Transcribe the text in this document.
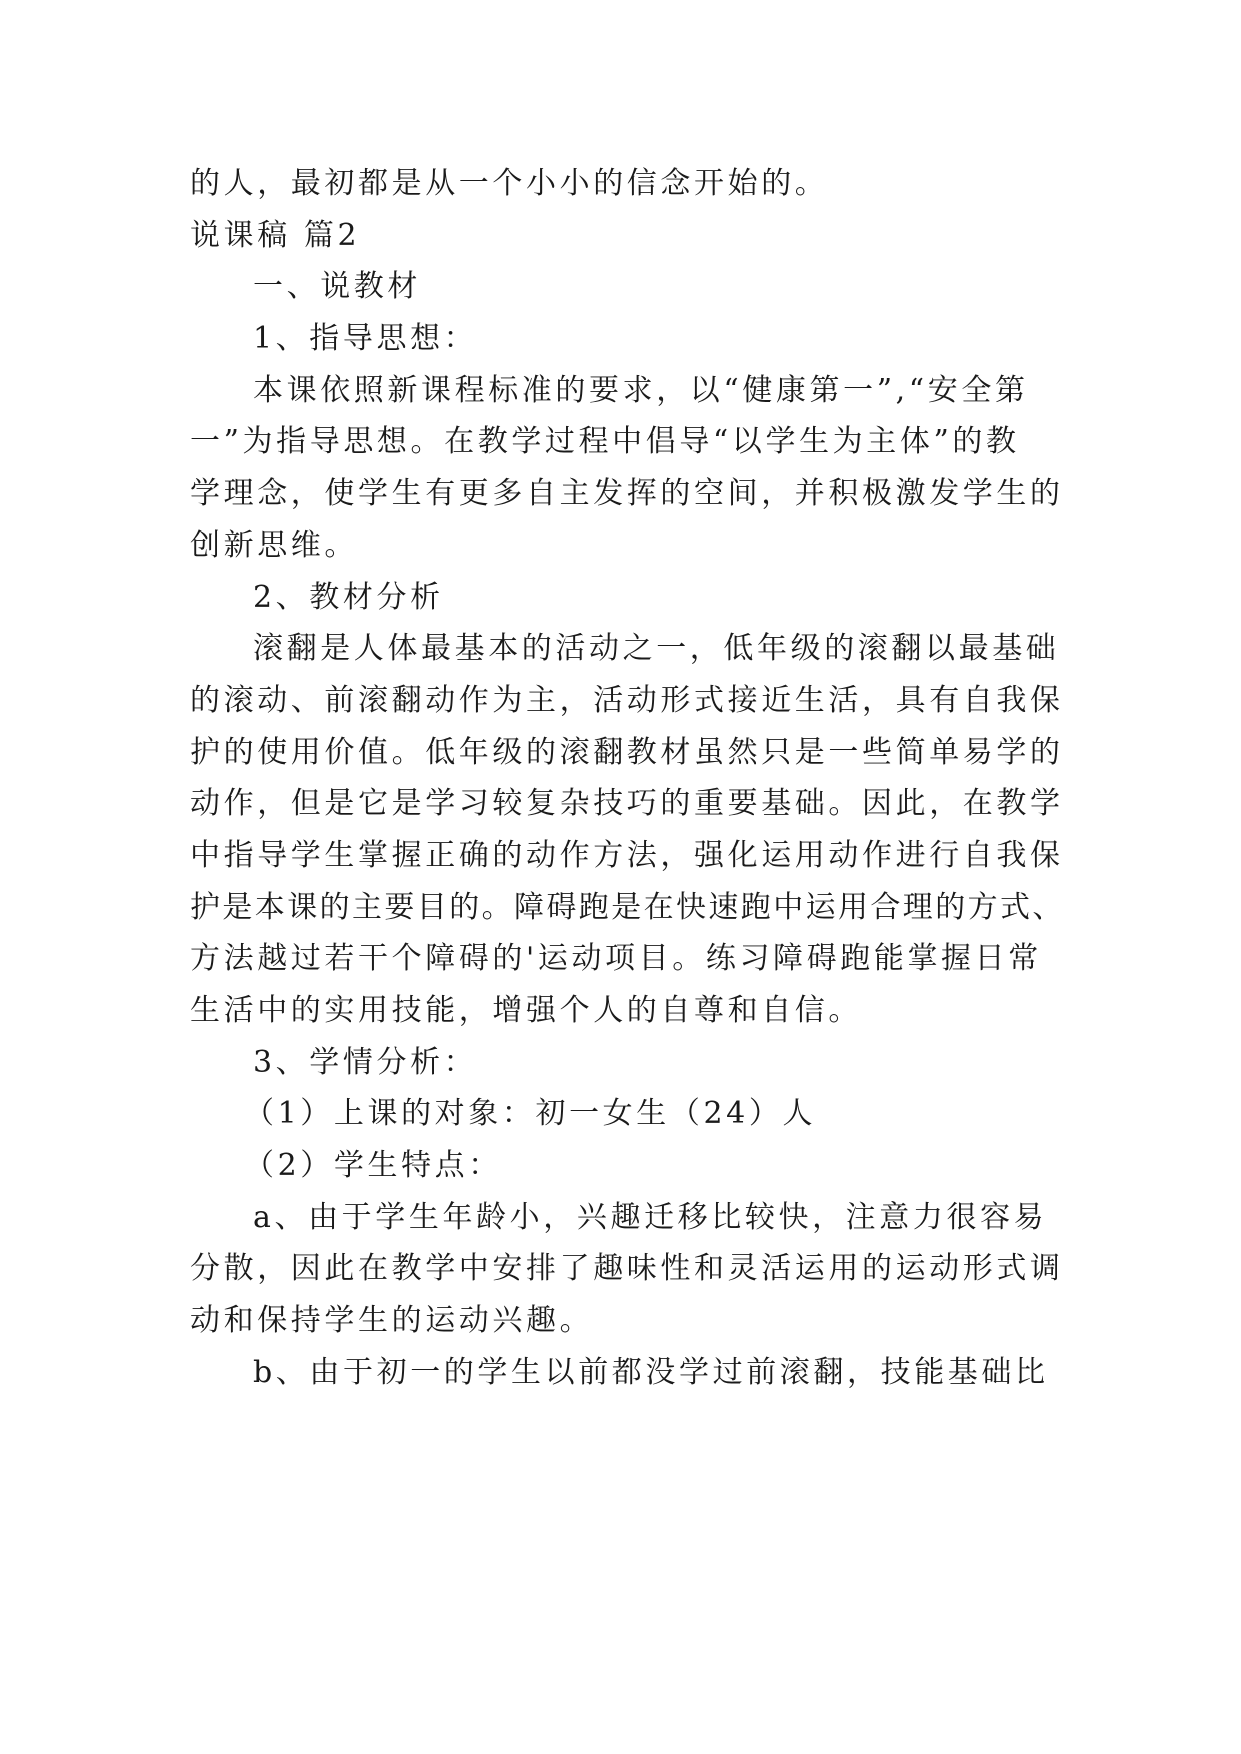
的人，最初都是从一个小小的信念开始的。
说课稿 篇2
一、说教材
1、指导思想：
本课依照新课程标准的要求，以“健康第一”,“安全第
一”为指导思想。在教学过程中倡导“以学生为主体”的教
学理念，使学生有更多自主发挥的空间，并积极激发学生的
创新思维。
2、教材分析
滚翻是人体最基本的活动之一，低年级的滚翻以最基础
的滚动、前滚翻动作为主，活动形式接近生活，具有自我保
护的使用价值。低年级的滚翻教材虽然只是一些简单易学的
动作，但是它是学习较复杂技巧的重要基础。因此，在教学
中指导学生掌握正确的动作方法，强化运用动作进行自我保
护是本课的主要目的。障碍跑是在快速跑中运用合理的方式、
方法越过若干个障碍的'运动项目。练习障碍跑能掌握日常
生活中的实用技能，增强个人的自尊和自信。
3、学情分析：
（1）上课的对象：初一女生（24）人
（2）学生特点：
a、由于学生年龄小，兴趣迁移比较快，注意力很容易
分散，因此在教学中安排了趣味性和灵活运用的运动形式调
动和保持学生的运动兴趣。
b、由于初一的学生以前都没学过前滚翻，技能基础比
